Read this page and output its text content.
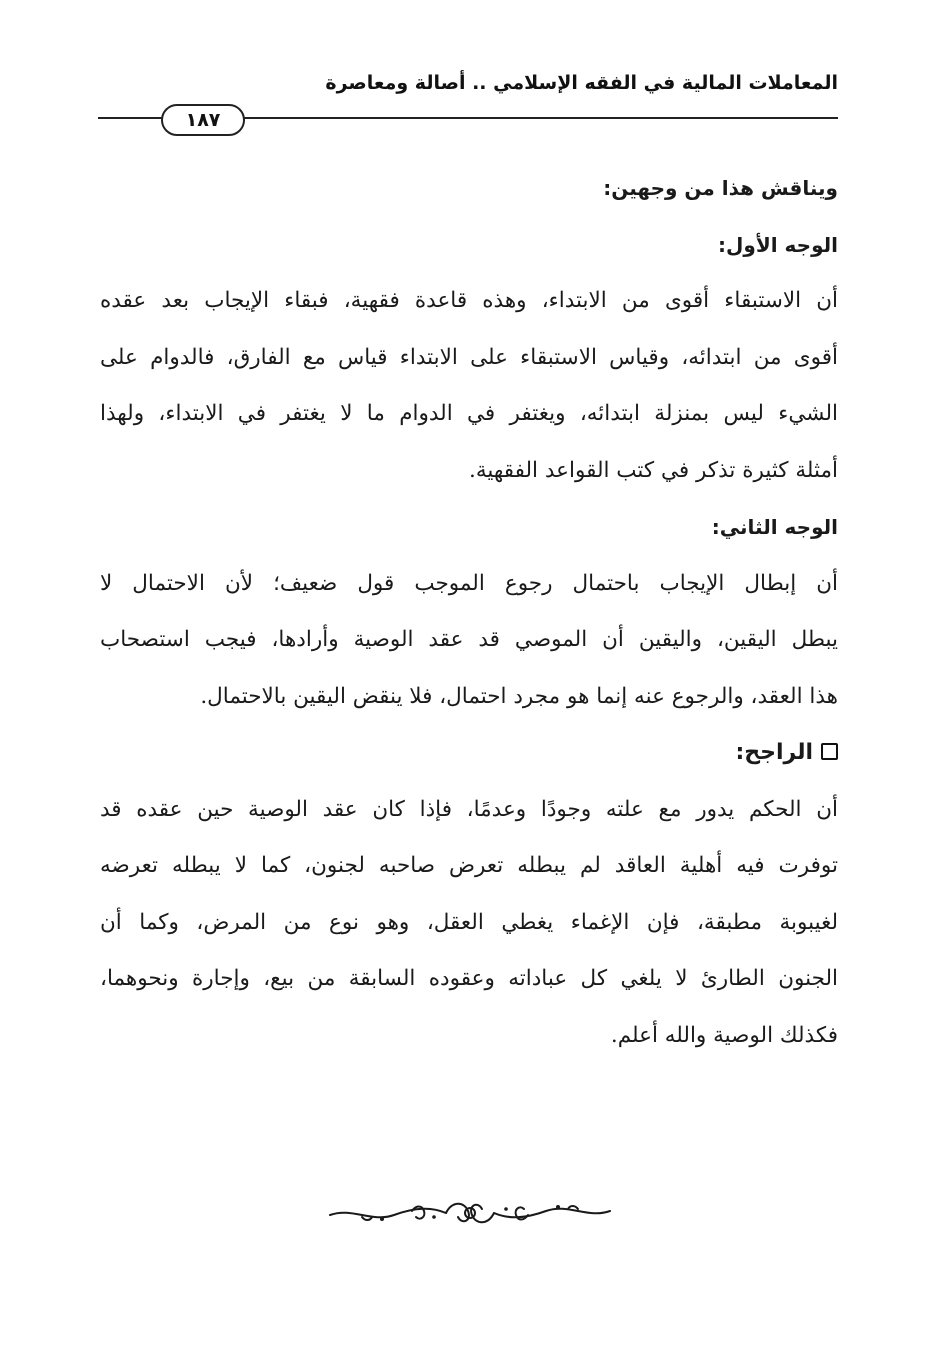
المعاملات المالية في الفقه الإسلامي .. أصالة ومعاصرة
١٨٧
ويناقش هذا من وجهين:
الوجه الأول:
أن الاستبقاء أقوى من الابتداء، وهذه قاعدة فقهية، فبقاء الإيجاب بعد عقده
أقوى من ابتدائه، وقياس الاستبقاء على الابتداء قياس مع الفارق، فالدوام على
الشيء ليس بمنزلة ابتدائه، ويغتفر في الدوام ما لا يغتفر في الابتداء، ولهذا
أمثلة كثيرة تذكر في كتب القواعد الفقهية.
الوجه الثاني:
أن إبطال الإيجاب باحتمال رجوع الموجب قول ضعيف؛ لأن الاحتمال لا
يبطل اليقين، واليقين أن الموصي قد عقد الوصية وأرادها، فيجب استصحاب
هذا العقد، والرجوع عنه إنما هو مجرد احتمال، فلا ينقض اليقين بالاحتمال.
الراجح:
أن الحكم يدور مع علته وجودًا وعدمًا، فإذا كان عقد الوصية حين عقده قد
توفرت فيه أهلية العاقد لم يبطله تعرض صاحبه لجنون، كما لا يبطله تعرضه
لغيبوبة مطبقة، فإن الإغماء يغطي العقل، وهو نوع من المرض، وكما أن
الجنون الطارئ لا يلغي كل عباداته وعقوده السابقة من بيع، وإجارة ونحوهما،
فكذلك الوصية والله أعلم.
